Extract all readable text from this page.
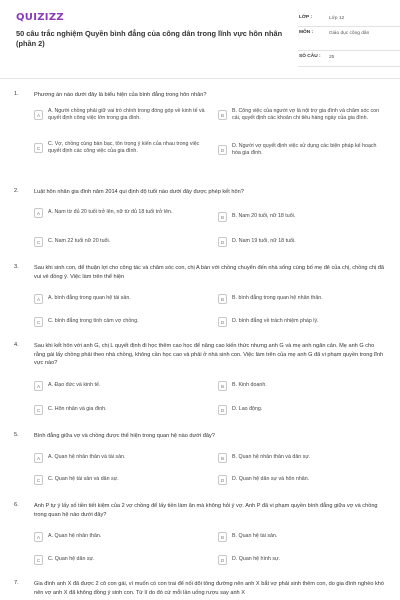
QUIZIZZ
50 câu trắc nghiệm Quyền bình đẳng của công dân trong lĩnh vực hôn nhân (phần 2)
LỚP :	Lớp 12
MÔN :	Giáo dục công dân
SỐ CÂU :	25
1.	Phương án nào dưới đây là biểu hiện của bình đẳng trong hôn nhân?
A
A. Người chồng phải giữ vai trò chính trong đóng góp về kinh tế và quyết định công việc lớn trong gia đình.	B
B. Công việc của người vợ là nội trợ gia đình và chăm sóc con cái, quyết định các khoản chi tiêu hàng ngày của gia đình.
C
C. Vợ, chồng cùng bàn bạc, tôn trọng ý kiến của nhau trong việc quyết định các công việc của gia đình.	D
D. Người vợ quyết định việc sử dụng các biện pháp kế hoạch hóa gia đình.
2.	Luật hôn nhân gia đình năm 2014 qui định độ tuổi nào dưới đây được phép kết hôn?
A	A. Nam từ đủ 20 tuổi trở lên, nữ từ đủ 18 tuổi trở lên.
B	B. Nam 20 tuổi, nữ 18 tuổi.
C	C. Nam 22 tuổi nữ 20 tuổi.	D	D. Nam 19 tuổi, nữ 18 tuổi.
3.	Sau khi sinh con, để thuận lợi cho công tác và chăm sóc con, chị A bàn với chồng chuyển đến nhà sống cùng bố mẹ đẻ của chị, chồng chị đã vui vẻ đồng ý. Việc làm trên thể hiện
A	A. bình đẳng trong quan hệ tài sản.	B	B. bình đẳng trong quan hệ nhân thân.
C	C. bình đẳng trong tình cảm vợ chồng.	D	D. bình đẳng về trách nhiệm pháp lý.
4.	Sau khi kết hôn với anh G, chị L quyết định đi học thêm cao học để nâng cao kiến thức nhưng anh G và mẹ anh ngăn cản. Mẹ anh G cho rằng gái lấy chồng phải theo nhà chồng, không cần học cao và phải ở nhà sinh con. Việc làm trên của mẹ anh G đã vi phạm quyền trong lĩnh vực nào?
A	A. Đạo đức và kinh tế.	B	B. Kinh doanh.
C	C. Hôn nhân và gia đình.	D	D. Lao động.
5.	Bình đẳng giữa vợ và chồng được thể hiện trong quan hệ nào dưới đây?
A	A. Quan hệ nhân thân và tài sản.	B	B. Quan hệ nhân thân và dân sự.
C	C. Quan hệ tài sản và dân sự.	D	D. Quan hệ dân sự và hôn nhân.
6.	Anh P tự ý lấy số tiền tiết kiệm của 2 vợ chồng để lấy tiền làm ăn mà không hỏi ý vợ. Anh P đã vi phạm quyền bình đẳng giữa vợ và chồng trong quan hệ nào dưới đây?
A	A. Quan hệ nhân thân.	B	B. Quan hệ tài sản.
C	C. Quan hệ dân sự.	D	D. Quan hệ hình sự.
7.	Gia đình anh X đã được 2 cô con gái, vì muốn có con trai để nối dõi tông đường nên anh X bắt vợ phải sinh thêm con, do gia đình nghèo khó nên vợ anh X đã không đồng ý sinh con. Từ lí do đó cứ mỗi lần uống rượu say anh X
